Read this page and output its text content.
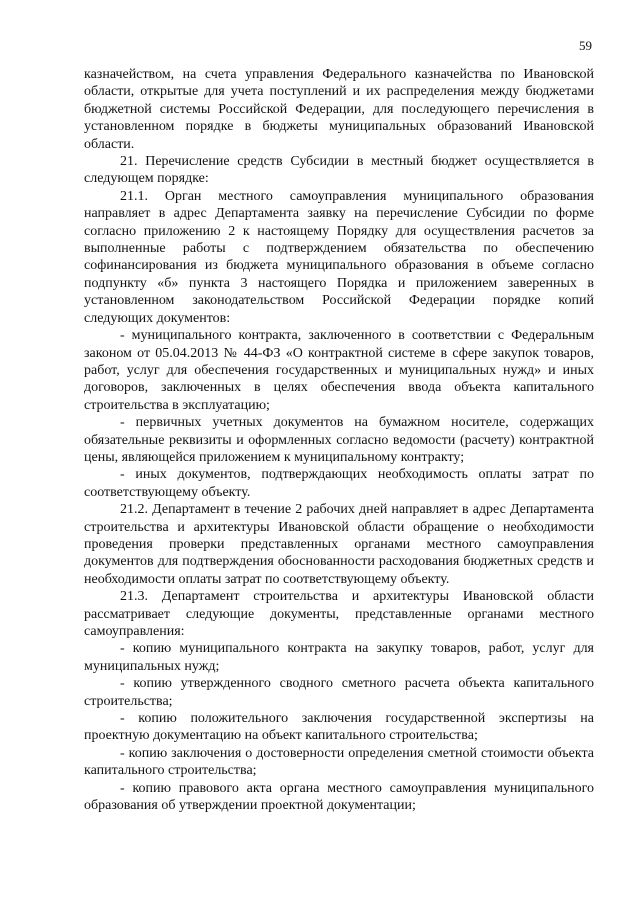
59

казначейством, на счета управления Федерального казначейства по Ивановской области, открытые для учета поступлений и их распределения между бюджетами бюджетной системы Российской Федерации, для последующего перечисления в установленном порядке в бюджеты муниципальных образований Ивановской области.

21. Перечисление средств Субсидии в местный бюджет осуществляется в следующем порядке:

21.1. Орган местного самоуправления муниципального образования направляет в адрес Департамента заявку на перечисление Субсидии по форме согласно приложению 2 к настоящему Порядку для осуществления расчетов за выполненные работы с подтверждением обязательства по обеспечению софинансирования из бюджета муниципального образования в объеме согласно подпункту «б» пункта 3 настоящего Порядка и приложением заверенных в установленном законодательством Российской Федерации порядке копий следующих документов:

- муниципального контракта, заключенного в соответствии с Федеральным законом от 05.04.2013 № 44-ФЗ «О контрактной системе в сфере закупок товаров, работ, услуг для обеспечения государственных и муниципальных нужд» и иных договоров, заключенных в целях обеспечения ввода объекта капитального строительства в эксплуатацию;

- первичных учетных документов на бумажном носителе, содержащих обязательные реквизиты и оформленных согласно ведомости (расчету) контрактной цены, являющейся приложением к муниципальному контракту;

- иных документов, подтверждающих необходимость оплаты затрат по соответствующему объекту.

21.2. Департамент в течение 2 рабочих дней направляет в адрес Департамента строительства и архитектуры Ивановской области обращение о необходимости проведения проверки представленных органами местного самоуправления документов для подтверждения обоснованности расходования бюджетных средств и необходимости оплаты затрат по соответствующему объекту.

21.3. Департамент строительства и архитектуры Ивановской области рассматривает следующие документы, представленные органами местного самоуправления:

- копию муниципального контракта на закупку товаров, работ, услуг для муниципальных нужд;

- копию утвержденного сводного сметного расчета объекта капитального строительства;

- копию положительного заключения государственной экспертизы на проектную документацию на объект капитального строительства;

- копию заключения о достоверности определения сметной стоимости объекта капитального строительства;

- копию правового акта органа местного самоуправления муниципального образования об утверждении проектной документации;
